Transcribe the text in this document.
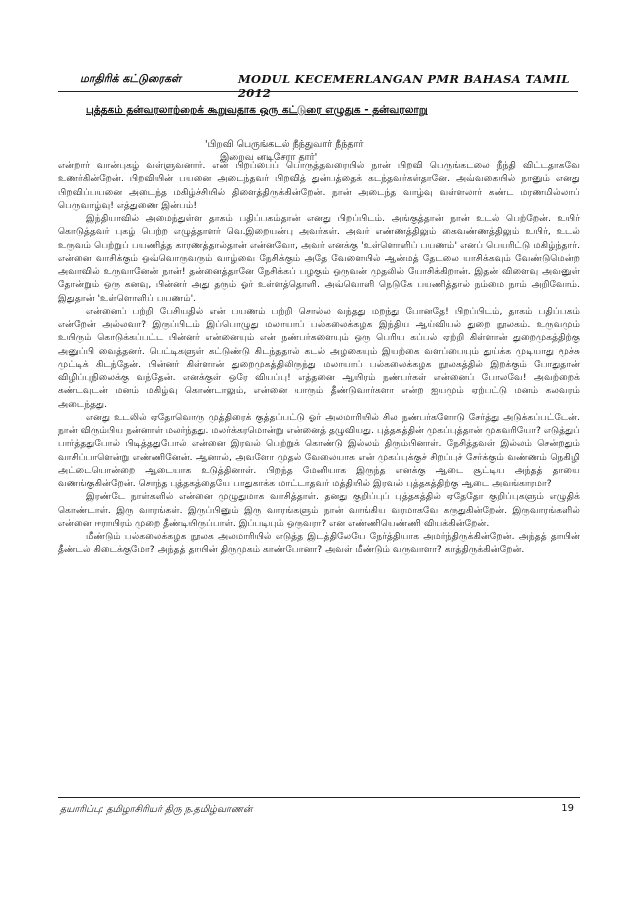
மாதிரிக் கட்டுரைகள்	MODUL KECEMERLANGAN PMR BAHASA TAMIL 2012
புத்தகம் தன்வரலாற்றைக் கூறுவதாக ஒரு கட்டுரை எழுதுக - தன்வரலாறு
'பிறவி பெருங்கடல் நீந்துவார் நீந்தார்
இறைவ னடிசேரா தார்'

என்றார் வான்புகழ் வள்ளுவனார். என் பிறப்பைப் பொருத்தவரையில் நான் பிறவி பெருங்கடலை நீந்தி விட்டதாகவே உணர்கின்றேன். பிறவியின் பயனை அடைந்தவர் பிறவித் துன்பத்தைக் கடந்தவர்கள்தானே. அவ்வகையில் நானும் எனது பிறவிப்பயனை அடைந்த மகிழ்ச்சியில் திளைத்திருக்கின்றேன். நான் அடைந்த வாழ்வு வள்ளலார் கண்ட மரணமில்லாப் பெருவாழ்வு! எத்துணை இன்பம்!

இந்தியாவில் அமைந்துள்ள தாகம் பதிப்பகம்தான் எனது பிறப்பிடம். அங்குத்தான் நான் உடல் பெற்றேன். உயிர் கொடுத்தவர் புகழ் பெற்ற எழுத்தாளர் வெ.இறையன்பு அவர்கள். அவர் எண்ணத்திலும் கைவண்ணத்திலும் உயிர், உடல் உருவம் பெற்றுப் பயணித்த காரணத்தால்தான் என்னவோ, அவர் எனக்கு 'உள்ளொளிப் பயணம்' எனப் பெயரிட்டு மகிழ்ந்தார். என்னை வாசிக்கும் ஒவ்வொருவரும் வாழ்வை நேசிக்கும் அதே வேளையில் ஆன்மத் தேடலை யாசிக்கவும் வேண்டுமென்ற அவாவில் உருவானேன் நான்! தன்னைத்தானே நேசிக்கப் பழகும் ஒருவன் முதலில் யோசிக்கிறான். இதன் விளைவு அவனுள் தோன்றும் ஒரு கனவு, பின்னர் அது தரும் ஓர் உள்ளத்தொளி. அவ்வொளி நெடுகே பயணித்தால் நம்மை நாம் அறிவோம். இதுதான் 'உள்ளொளிப் பயணம்'.

என்னைப் பற்றி பேசியதில் என் பயணம் பற்றி சொல்ல வந்தது மறந்து போனதே! பிறப்பிடம், தாகம் பதிப்பகம் என்றேன் அல்லவா? இருப்பிடம் இப்பொழுது மலாயாப் பல்கலைக்கழக இந்திய ஆய்வியல் துறை நூலகம். உருவமும் உயிரும் கொடுக்கப்பட்ட பின்னர் என்னையும் என் நண்பர்களையும் ஒரு பெரிய கப்பல் ஏற்றி கிள்ளான் துறைமுகத்திற்கு அனுப்பி வைத்தனர். பெட்டிகளுள் கட்டுண்டு கிடந்ததால் கடல் அழகையும் இயற்கை வளப்பையும் துய்க்க முடியாது மூச்சு முட்டிக் கிடந்தேன். பின்னர் கிள்ளான் துறைமுகத்திலிருந்து மலாயாப் பல்கலைக்கழக நூலகத்தில் இறக்கும் போதுதான் விழிப்புநிலைக்கு வந்தேன். எனக்குள் ஒரே வியப்பு! எத்தனை ஆயிரம் நண்பர்கள் என்னைப் போலவே! அவற்றைக் கண்டவுடன் மனம் மகிழ்வு கொண்டாலும், என்னை யாரும் தீண்டுவார்களா என்ற ஐயமும் ஏற்பட்டு மனம் கலவரம் அடைந்தது.

எனது உடலில் ஏதோவொரு முத்திரைக் குத்தப்பட்டு ஓர் அலமாரியில் சில நண்பர்களோடு சேர்த்து அடுக்கப்பட்டேன். நான் விரும்பிய நன்னாள் மலர்ந்தது. மலர்க்கரமொன்று என்னைத் தழுவியது. புத்தகத்தின் முகப்புத்தான் முகவரியோ? எடுத்துப் பார்த்ததுபோல் பிடித்ததுபோல் என்னை இரவல் பெற்றுக் கொண்டு இல்லம் திரும்பினாள். நேசித்தவள் இல்லம் சென்றதும் வாசிப்பாளென்று எண்ணினேன். ஆனால், அவளோ முதல் வேலையாக என் முகப்புக்குச் சிறப்புச் சேர்க்கும் வண்ணம் நெகிழி அட்டையொன்றை ஆடையாக உடுத்தினாள். பிறந்த மேனியாக இருந்த எனக்கு ஆடை சூட்டிய அந்தத் தாயை வணங்குகின்றேன். சொந்த புத்தகத்தையே பாதுகாக்க மாட்டாதவர் மத்தியில் இரவல் புத்தகத்திற்கு ஆடை அவங்காரமா?

இரண்டே நாள்களில் என்னை முழுதுமாக வாசித்தாள். தனது குறிப்புப் புத்தகத்தில் ஏதேதோ குறிப்புகளும் எழுதிக் கொண்டாள். இரு வாரங்கள். இருப்பினும் இரு வாரங்களும் நான் வாங்கிய வரமாகவே கருதுகின்றேன். இருவாரங்களில் என்னை ஈராயிரம் முறை தீண்டியிருப்பாள். இப்படியும் ஒருவரா? என எண்ணியெண்ணி வியக்கின்றேன்.

மீண்டும் பல்கலைக்கழக நூலக அலமாரியில் எடுத்த இடத்திலேயே நேர்த்தியாக அமர்ந்திருக்கின்றேன். அந்தத் தாயின் தீண்டல் கிடைக்குமோ? அந்தத் தாயின் திருமுகம் காண்போனா? அவள் மீண்டும் வருவாளா? காத்திருக்கின்றேன்.

தயாரிப்பு: தமிழாசிரியர் திரு ந.தமிழ்வாணன்	19
